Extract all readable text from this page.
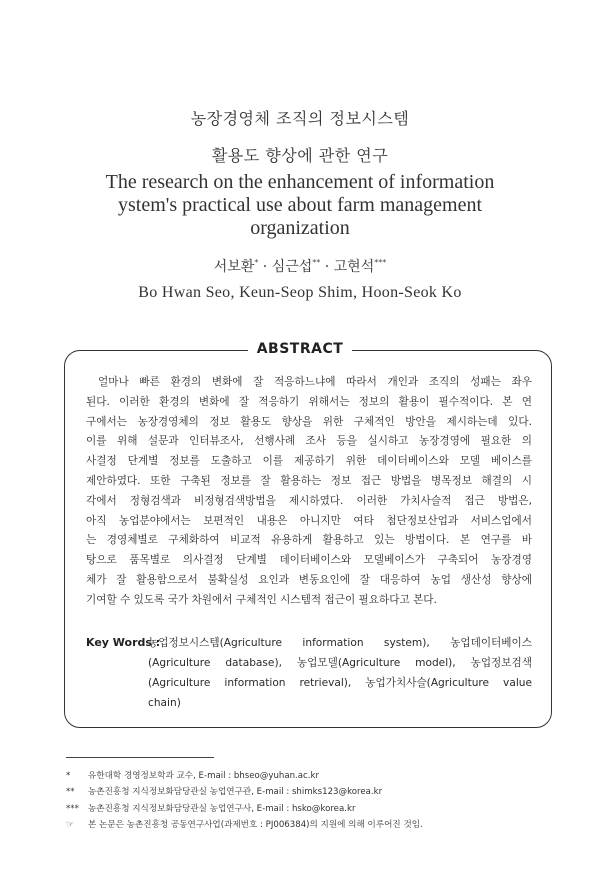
농장경영체 조직의 정보시스템
활용도 향상에 관한 연구
The research on the enhancement of information
ystem's practical use about farm management
organization
서보환* · 심근섭** · 고현석***
Bo Hwan Seo, Keun-Seop Shim, Hoon-Seok Ko
ABSTRACT
얼마나 빠른 환경의 변화에 잘 적응하느냐에 따라서 개인과 조직의 성패는 좌우
된다. 이러한 환경의 변화에 잘 적응하기 위해서는 정보의 활용이 필수적이다. 본 연
구에서는 농장경영체의 정보 활용도 향상을 위한 구체적인 방안을 제시하는데 있다.
이를 위해 설문과 인터뷰조사, 선행사례 조사 등을 실시하고 농장경영에 필요한 의
사결정 단계별 정보를 도출하고 이를 제공하기 위한 데이터베이스와 모델 베이스를
제안하였다. 또한 구축된 정보를 잘 활용하는 정보 접근 방법을 병목정보 해결의 시
각에서 정형검색과 비정형검색방법을 제시하였다. 이러한 가치사슬적 접근 방법은,
아직 농업분야에서는 보편적인 내용은 아니지만 여타 첨단정보산업과 서비스업에서
는 경영체별로 구체화하여 비교적 유용하게 활용하고 있는 방법이다. 본 연구를 바
탕으로 품목별로 의사결정 단계별 데이터베이스와 모델베이스가 구축되어 농장경영
체가 잘 활용함으로서 불확실성 요인과 변동요인에 잘 대응하여 농업 생산성 향상에
기여할 수 있도록 국가 차원에서 구체적인 시스템적 접근이 필요하다고 본다.
Key Words :
농업정보시스템(Agriculture information system), 농업데이터베이스
(Agriculture database), 농업모델(Agriculture model), 농업정보검색
(Agriculture information retrieval), 농업가치사슬(Agriculture value
chain)
*	유한대학 경영정보학과 교수, E-mail : bhseo@yuhan.ac.kr
**	농촌진흥청 지식정보화담당관실 농업연구관, E-mail : shimks123@korea.kr
***	농촌진흥청 지식정보화담당관실 농업연구사, E-mail : hsko@korea.kr
☞	본 논문은 농촌진흥청 공동연구사업(과제번호 : PJ006384)의 지원에 의해 이루어진 것임.
